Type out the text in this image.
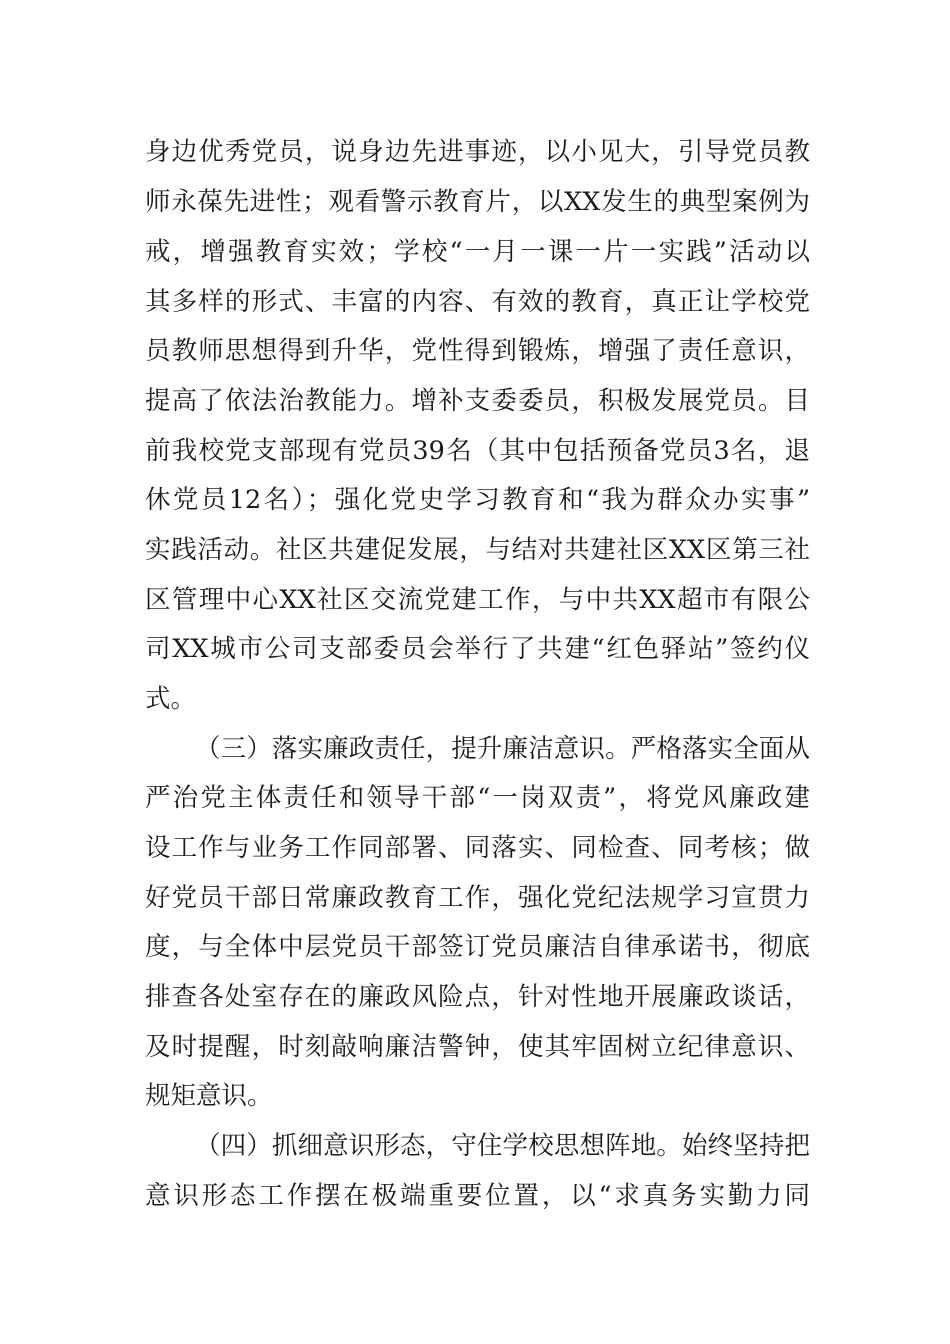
身边优秀党员，说身边先进事迹，以小见大，引导党员教
师永葆先进性；观看警示教育片，以XX发生的典型案例为
戒，增强教育实效；学校“一月一课一片一实践”活动以
其多样的形式、丰富的内容、有效的教育，真正让学校党
员教师思想得到升华，党性得到锻炼，增强了责任意识，
提高了依法治教能力。增补支委委员，积极发展党员。目
前我校党支部现有党员39名（其中包括预备党员3名，退
休党员12名）；强化党史学习教育和“我为群众办实事”
实践活动。社区共建促发展，与结对共建社区XX区第三社
区管理中心XX社区交流党建工作，与中共XX超市有限公
司XX城市公司支部委员会举行了共建“红色驿站”签约仪
式。
（三）落实廉政责任，提升廉洁意识。严格落实全面从
严治党主体责任和领导干部“一岗双责”，将党风廉政建
设工作与业务工作同部署、同落实、同检查、同考核；做
好党员干部日常廉政教育工作，强化党纪法规学习宣贯力
度，与全体中层党员干部签订党员廉洁自律承诺书，彻底
排查各处室存在的廉政风险点，针对性地开展廉政谈话，
及时提醒，时刻敲响廉洁警钟，使其牢固树立纪律意识、
规矩意识。
（四）抓细意识形态，守住学校思想阵地。始终坚持把
意识形态工作摆在极端重要位置，以“求真务实勤力同
